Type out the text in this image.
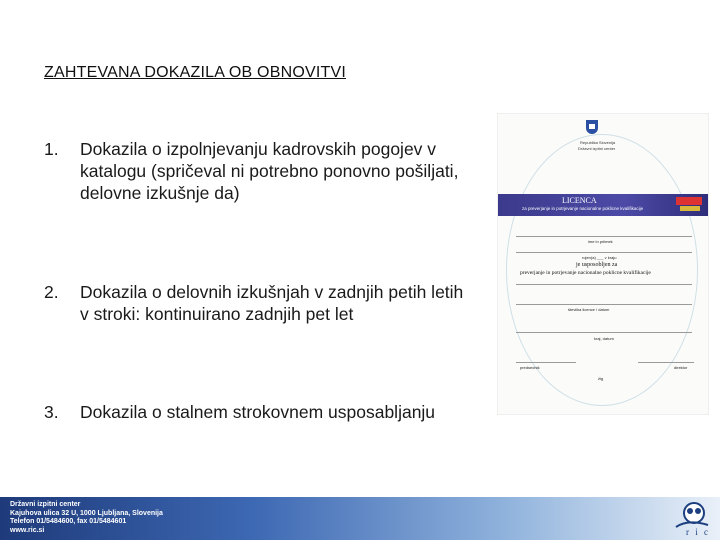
ZAHTEVANA DOKAZILA OB OBNOVITVI
1.	Dokazila o izpolnjevanju kadrovskih pogojev v katalogu (spričeval ni potrebno ponovno pošiljati, delovne izkušnje da)
2.	Dokazila o delovnih izkušnjah v zadnjih petih letih v stroki: kontinuirano zadnjih pet let
3.	Dokazila o stalnem strokovnem usposabljanju
Republika Slovenija
Državni izpitni center
LICENCA
za preverjanje in potrjevanje nacionalne poklicne kvalifikacije
ime in priimek
rojen(a) ___ v kraju
je usposobljen za
preverjanje in potrjevanje nacionalne poklicne kvalifikacije
številka licence / datum
kraj, datum
predsednik	direktor
žig
Državni izpitni center
Kajuhova ulica 32 U, 1000 Ljubljana, Slovenija
Telefon 01/5484600, fax 01/5484601
www.ric.si	r i c
